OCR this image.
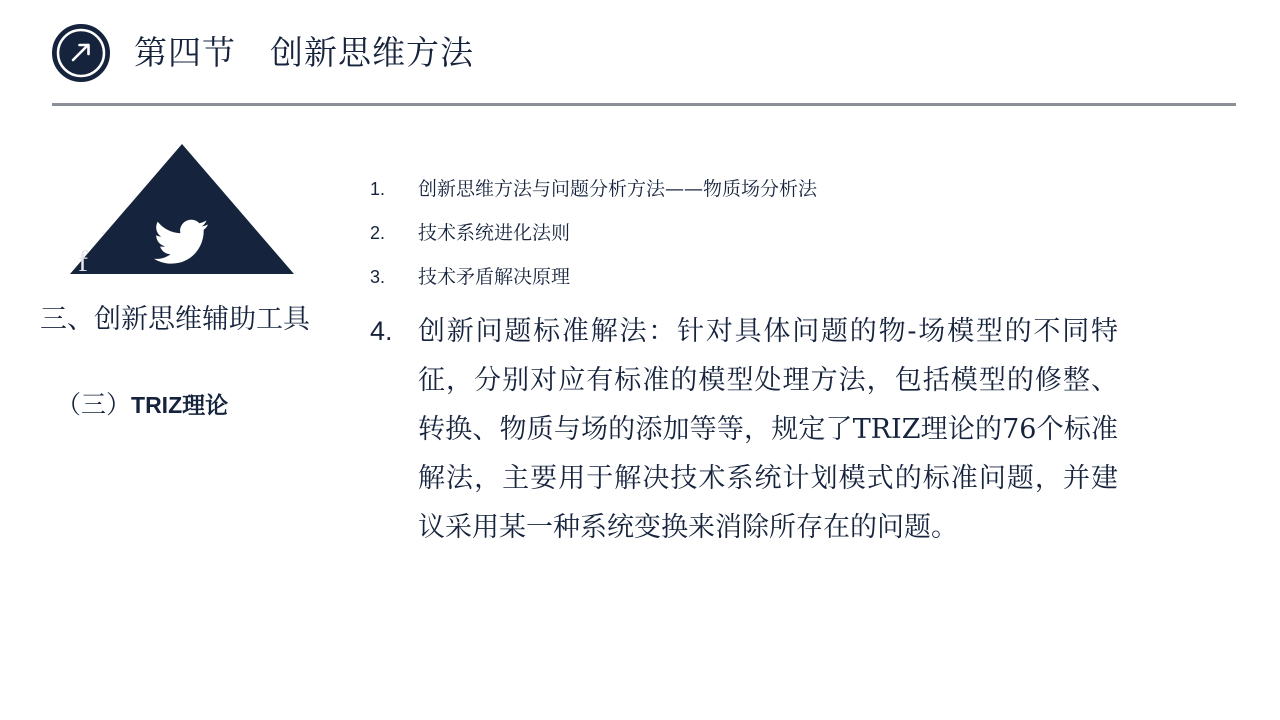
第四节　创新思维方法
三、创新思维辅助工具
（三）TRIZ理论
f
1.	创新思维方法与问题分析方法——物质场分析法
2.	技术系统进化法则
3.	技术矛盾解决原理
4. 创新问题标准解法：针对具体问题的物-场模型的不同特征，分别对应有标准的模型处理方法，包括模型的修整、转换、物质与场的添加等等，规定了TRIZ理论的76个标准解法，主要用于解决技术系统计划模式的标准问题，并建议采用某一种系统变换来消除所存在的问题。
